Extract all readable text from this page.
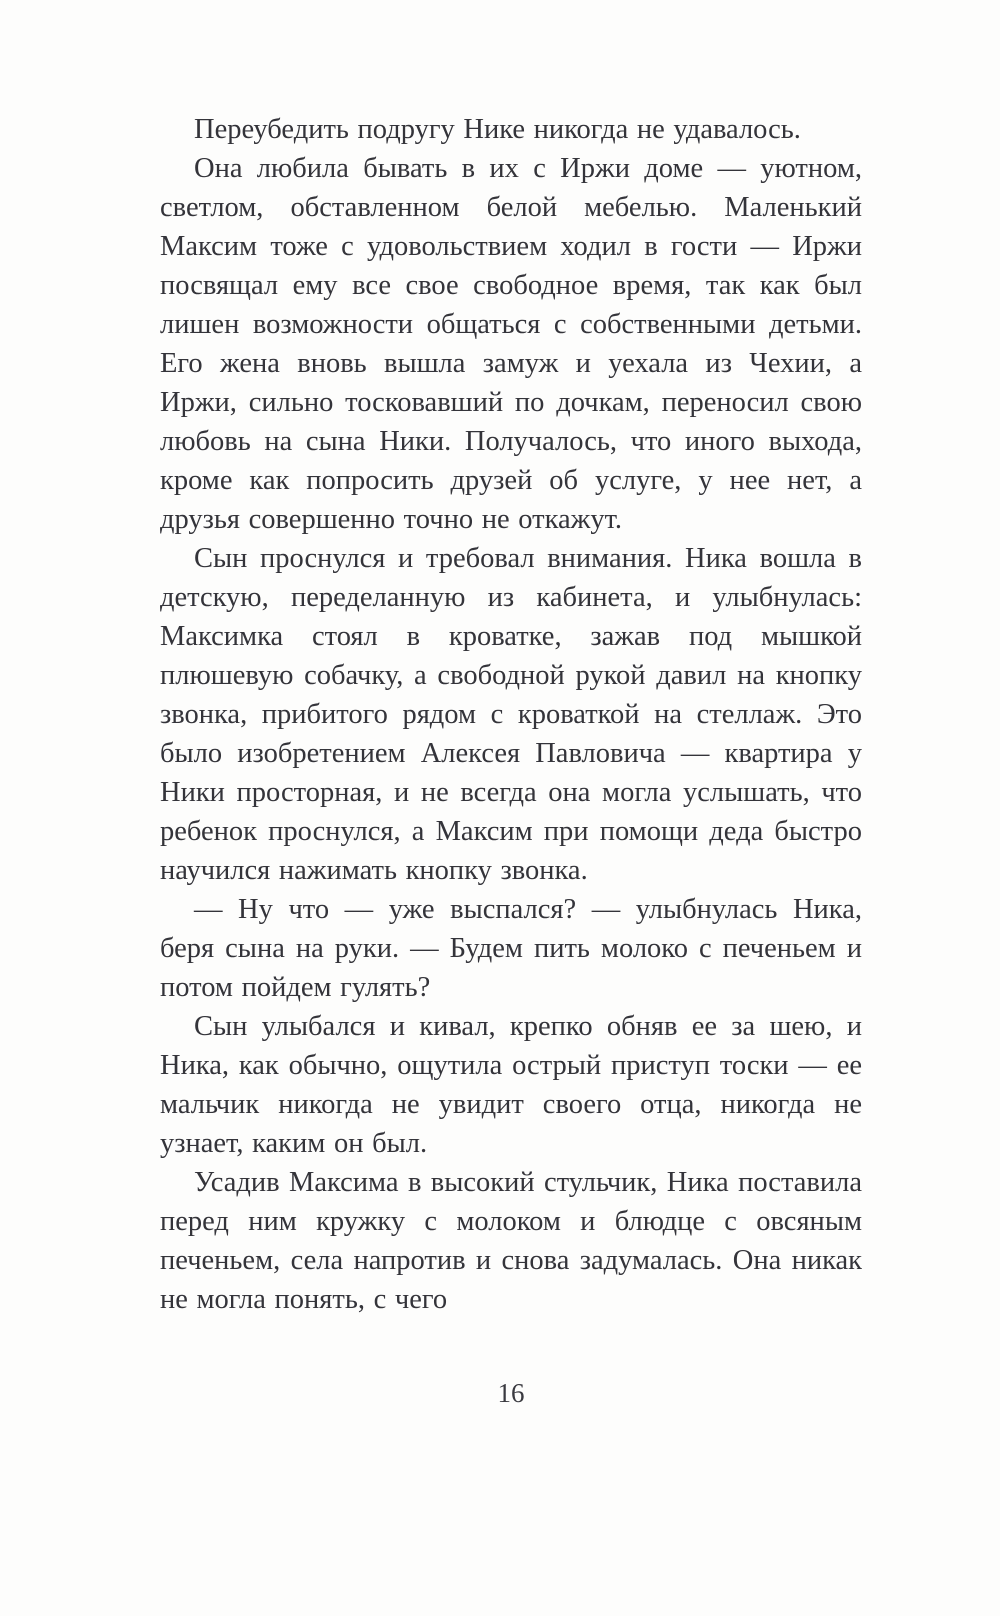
Переубедить подругу Нике никогда не удавалось.

Она любила бывать в их с Иржи доме — уютном, светлом, обставленном белой мебелью. Маленький Максим тоже с удовольствием ходил в гости — Иржи посвящал ему все свое свободное время, так как был лишен возможности общаться с собственными детьми. Его жена вновь вышла замуж и уехала из Чехии, а Иржи, сильно тосковавший по дочкам, переносил свою любовь на сына Ники. Получалось, что иного выхода, кроме как попросить друзей об услуге, у нее нет, а друзья совершенно точно не откажут.

Сын проснулся и требовал внимания. Ника вошла в детскую, переделанную из кабинета, и улыбнулась: Максимка стоял в кроватке, зажав под мышкой плюшевую собачку, а свободной рукой давил на кнопку звонка, прибитого рядом с кроваткой на стеллаж. Это было изобретением Алексея Павловича — квартира у Ники просторная, и не всегда она могла услышать, что ребенок проснулся, а Максим при помощи деда быстро научился нажимать кнопку звонка.

— Ну что — уже выспался? — улыбнулась Ника, беря сына на руки. — Будем пить молоко с печеньем и потом пойдем гулять?

Сын улыбался и кивал, крепко обняв ее за шею, и Ника, как обычно, ощутила острый приступ тоски — ее мальчик никогда не увидит своего отца, никогда не узнает, каким он был.

Усадив Максима в высокий стульчик, Ника поставила перед ним кружку с молоком и блюдце с овсяным печеньем, села напротив и снова задумалась. Она никак не могла понять, с чего

16
